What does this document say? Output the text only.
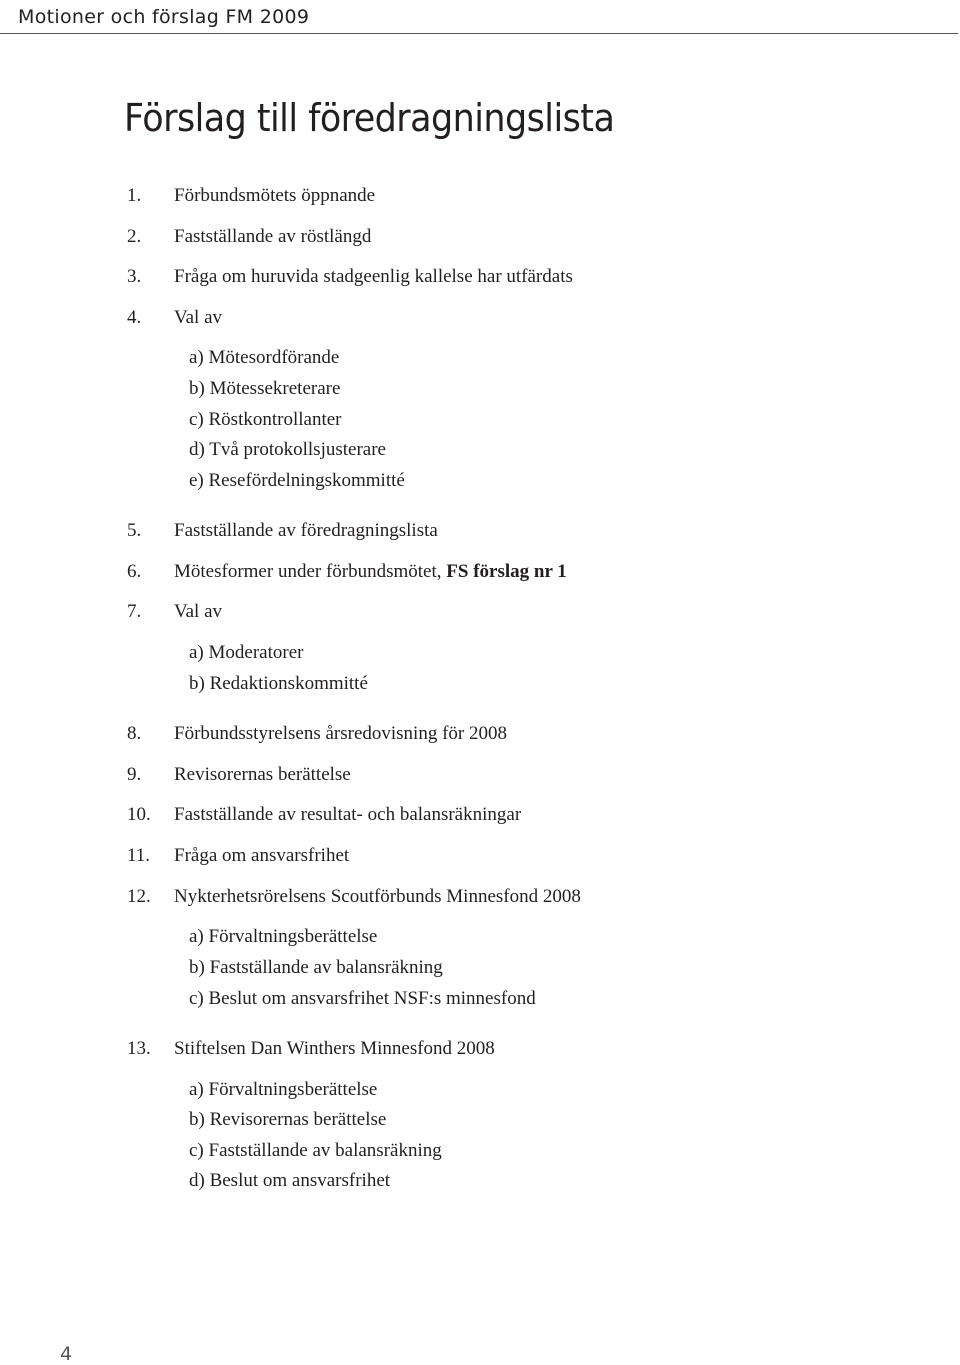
Motioner och förslag FM 2009
Förslag till föredragningslista
1. Förbundsmötets öppnande
2. Fastställande av röstlängd
3. Fråga om huruvida stadgeenlig kallelse har utfärdats
4. Val av
a) Mötesordförande
b) Mötessekreterare
c) Röstkontrollanter
d) Två protokollsjusterare
e) Resefördelningskommitté
5. Fastställande av föredragningslista
6. Mötesformer under förbundsmötet, FS förslag nr 1
7. Val av
a) Moderatorer
b) Redaktionskommitté
8. Förbundsstyrelsens årsredovisning för 2008
9. Revisorernas berättelse
10. Fastställande av resultat- och balansräkningar
11. Fråga om ansvarsfrihet
12. Nykterhetsrörelsens Scoutförbunds Minnesfond 2008
a) Förvaltningsberättelse
b) Fastställande av balansräkning
c) Beslut om ansvarsfrihet NSF:s minnesfond
13. Stiftelsen Dan Winthers Minnesfond 2008
a) Förvaltningsberättelse
b) Revisorernas berättelse
c) Fastställande av balansräkning
d) Beslut om ansvarsfrihet
4
